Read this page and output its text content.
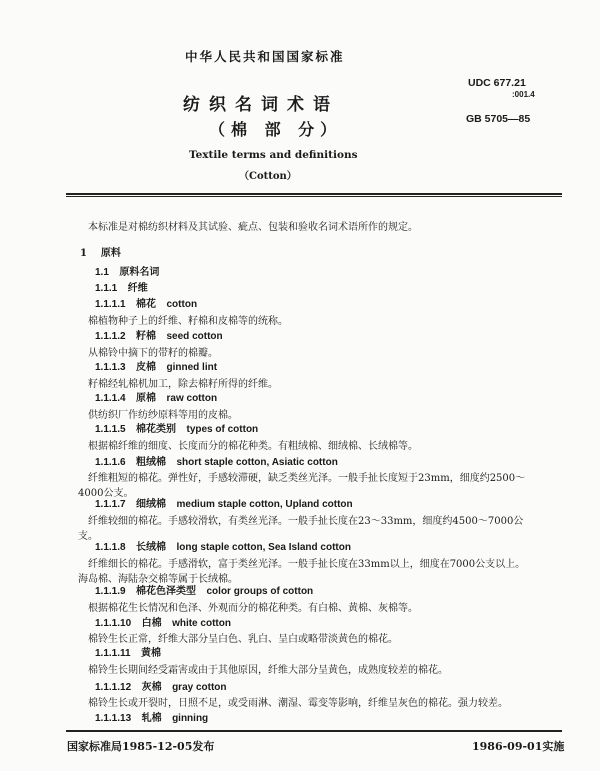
中华人民共和国国家标准
纺织名词术语
（棉 部 分）
Textile terms and definitions
（Cotton）
UDC 677.21
:001.4
GB 5705—85
本标准是对棉纺织材料及其试验、疵点、包装和验收名词术语所作的规定。
1 原料
1.1 原料名词
1.1.1 纤维
1.1.1.1 棉花 cotton
棉植物种子上的纤维、籽棉和皮棉等的统称。
1.1.1.2 籽棉 seed cotton
从棉铃中摘下的带籽的棉瓣。
1.1.1.3 皮棉 ginned lint
籽棉经轧棉机加工，除去棉籽所得的纤维。
1.1.1.4 原棉 raw cotton
供纺织厂作纺纱原料等用的皮棉。
1.1.1.5 棉花类别 types of cotton
根据棉纤维的细度、长度而分的棉花种类。有粗绒棉、细绒棉、长绒棉等。
1.1.1.6 粗绒棉 short staple cotton, Asiatic cotton
纤维粗短的棉花。弹性好，手感较滞硬，缺乏类丝光泽。一般手扯长度短于23mm，细度约2500～
4000公支。
1.1.1.7 细绒棉 medium staple cotton, Upland cotton
纤维较细的棉花。手感较滑软，有类丝光泽。一般手扯长度在23～33mm，细度约4500～7000公
支。
1.1.1.8 长绒棉 long staple cotton, Sea Island cotton
纤维细长的棉花。手感滑软，富于类丝光泽。一般手扯长度在33mm以上，细度在7000公支以上。
海岛棉、海陆杂交棉等属于长绒棉。
1.1.1.9 棉花色泽类型 color groups of cotton
根据棉花生长情况和色泽、外观而分的棉花种类。有白棉、黄棉、灰棉等。
1.1.1.10 白棉 white cotton
棉铃生长正常，纤维大部分呈白色、乳白、呈白或略带淡黄色的棉花。
1.1.1.11 黄棉
棉铃生长期间经受霜害或由于其他原因，纤维大部分呈黄色，成熟度较差的棉花。
1.1.1.12 灰棉 gray cotton
棉铃生长或开裂时，日照不足，或受雨淋、潮湿、霉变等影响，纤维呈灰色的棉花。强力较差。
1.1.1.13 轧棉 ginning
国家标准局1985-12-05发布	1986-09-01实施
